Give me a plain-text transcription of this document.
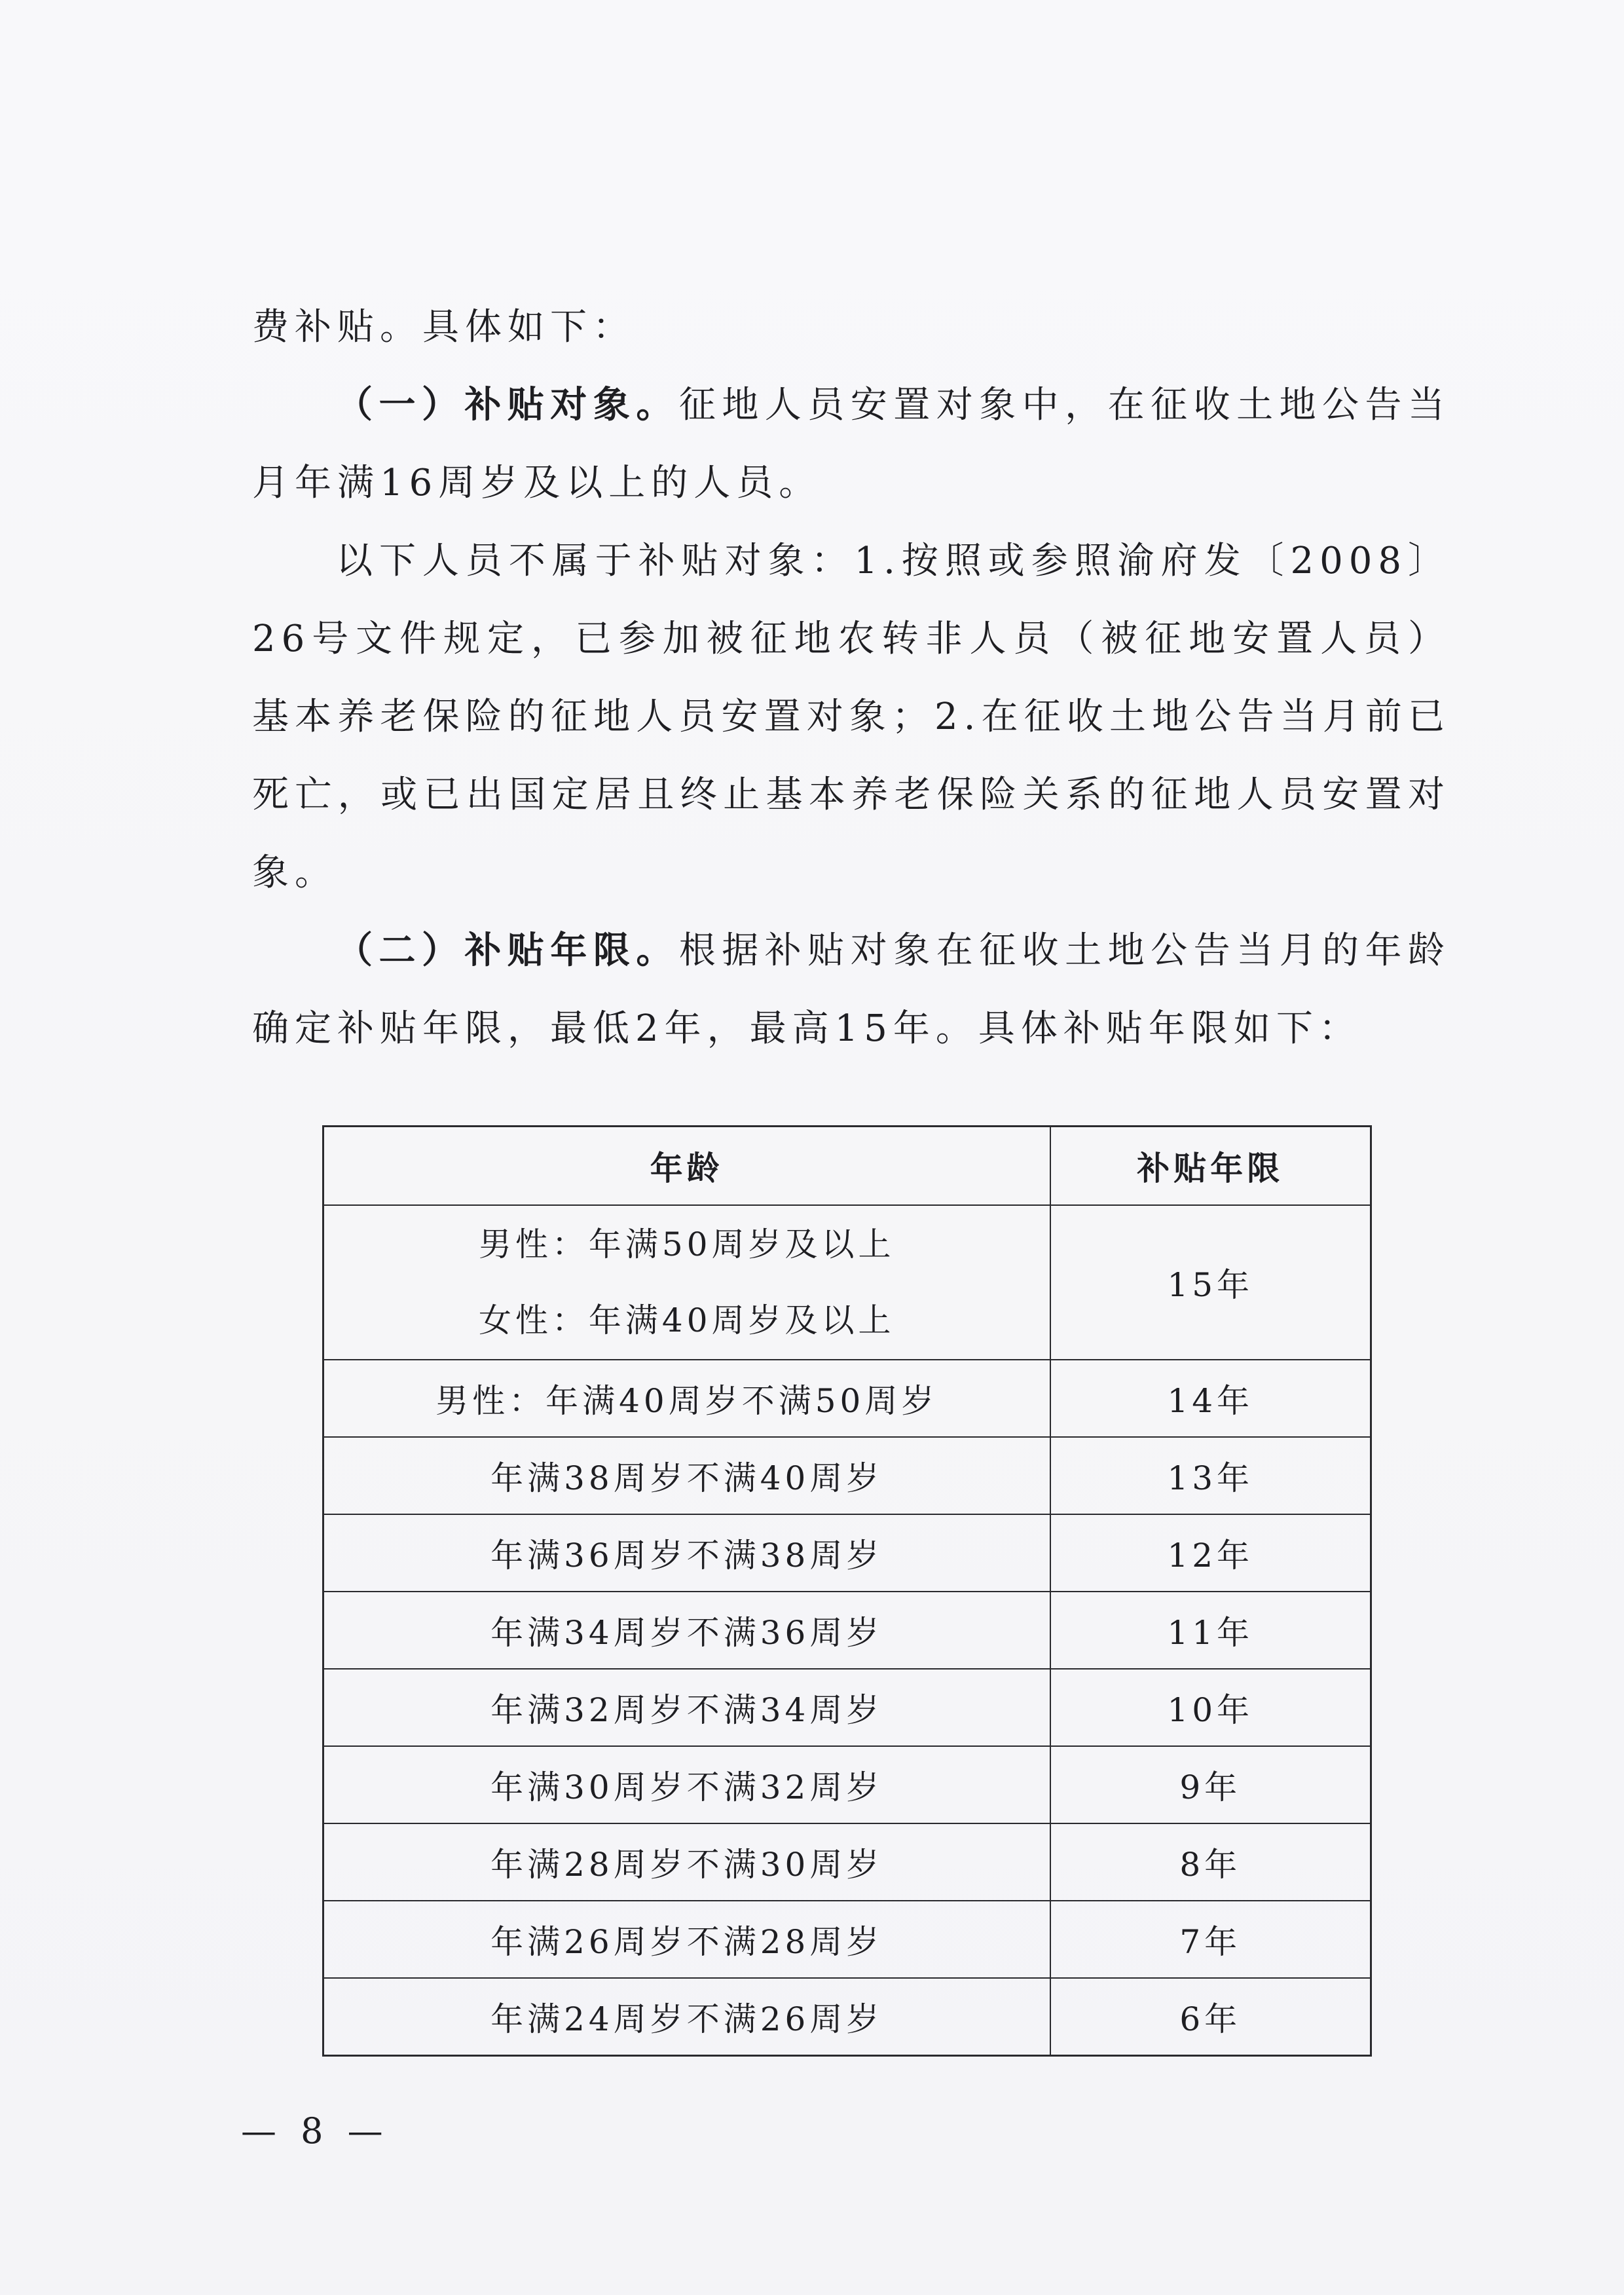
费补贴。具体如下：

（一）补贴对象。征地人员安置对象中，在征收土地公告当月年满16周岁及以上的人员。

以下人员不属于补贴对象：1.按照或参照渝府发〔2008〕26号文件规定，已参加被征地农转非人员（被征地安置人员）基本养老保险的征地人员安置对象；2.在征收土地公告当月前已死亡，或已出国定居且终止基本养老保险关系的征地人员安置对象。

（二）补贴年限。根据补贴对象在征收土地公告当月的年龄确定补贴年限，最低2年，最高15年。具体补贴年限如下：

年龄	补贴年限

男性：年满50周岁及以上
女性：年满40周岁及以上	15年
男性：年满40周岁不满50周岁	14年
年满38周岁不满40周岁	13年
年满36周岁不满38周岁	12年
年满34周岁不满36周岁	11年
年满32周岁不满34周岁	10年
年满30周岁不满32周岁	9年
年满28周岁不满30周岁	8年
年满26周岁不满28周岁	7年
年满24周岁不满26周岁	6年
— 8 —
